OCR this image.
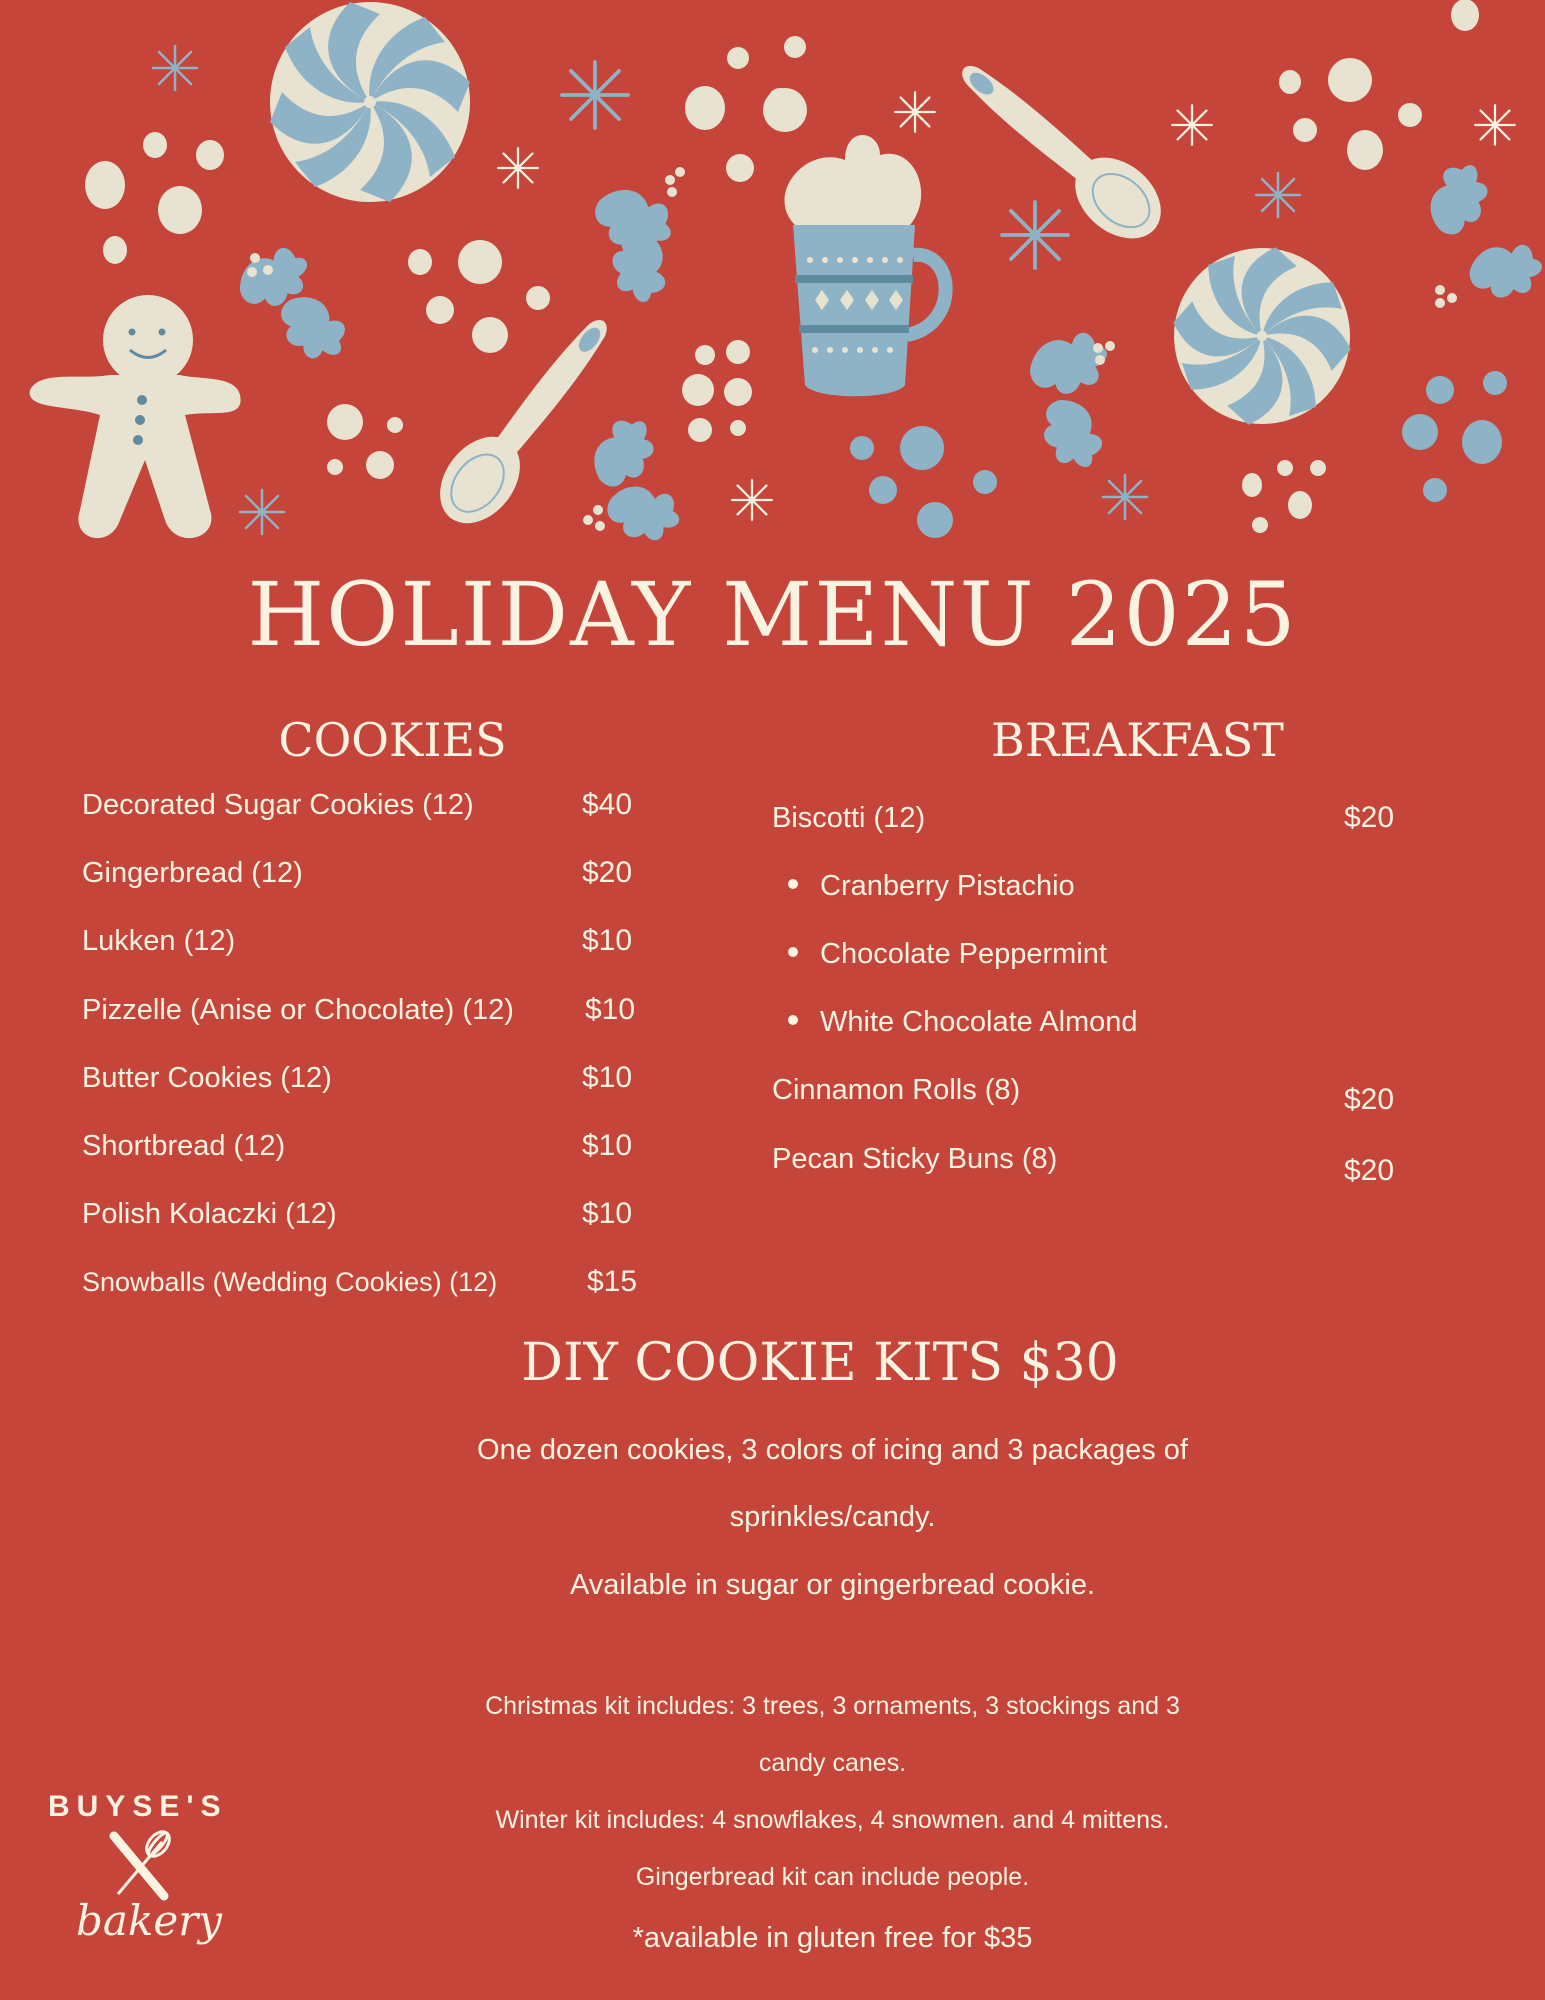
HOLIDAY MENU 2025
COOKIES	BREAKFAST
Decorated Sugar Cookies (12)	$40
Gingerbread (12)	$20
Lukken (12)	$10
Pizzelle (Anise or Chocolate) (12) $10
Butter Cookies (12)	$10
Shortbread (12)	$10
Polish Kolaczki (12)	$10
Snowballs (Wedding Cookies) (12)	$15
Biscotti (12)	$20
Cranberry Pistachio
Chocolate Peppermint
White Chocolate Almond
Cinnamon Rolls (8)	$20
Pecan Sticky Buns (8)	$20
DIY COOKIE KITS $30
One dozen cookies, 3 colors of icing and 3 packages of
sprinkles/candy.
Available in sugar or gingerbread cookie.
Christmas kit includes: 3 trees, 3 ornaments, 3 stockings and 3
candy canes.
Winter kit includes: 4 snowflakes, 4 snowmen. and 4 mittens.
Gingerbread kit can include people.
*available in gluten free for $35
BUYSE'S
bakery
